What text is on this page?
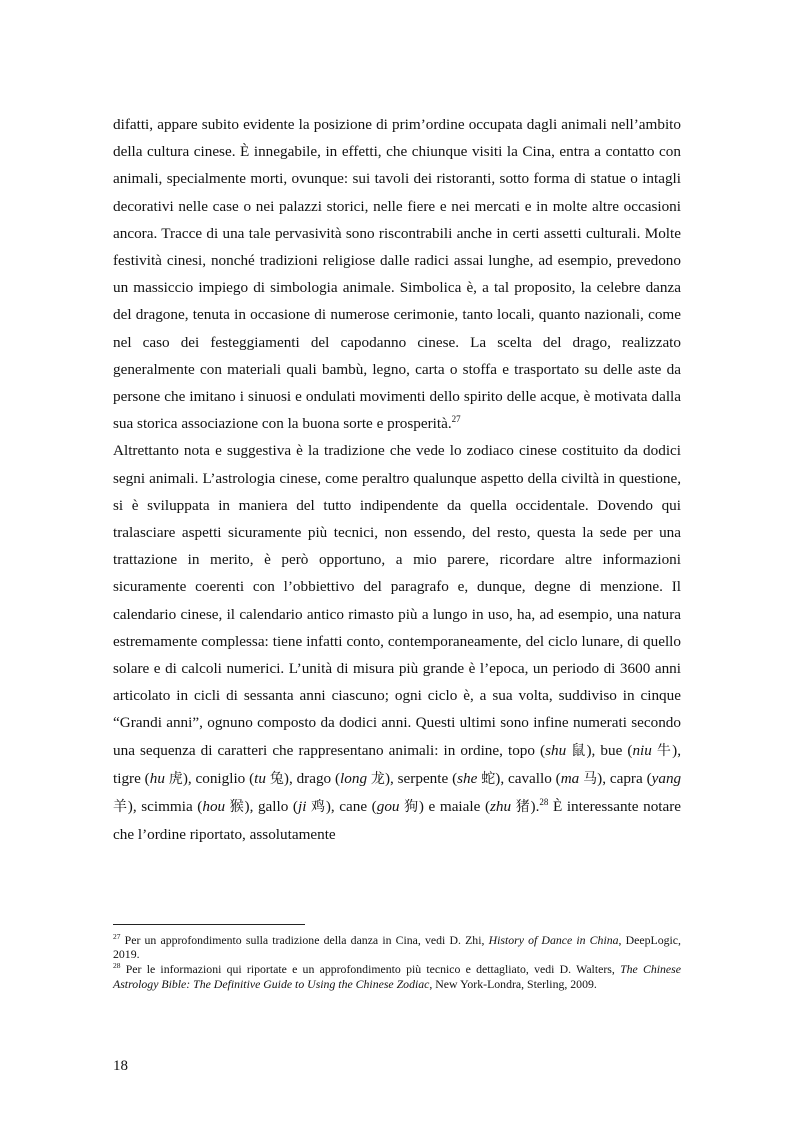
difatti, appare subito evidente la posizione di prim’ordine occupata dagli animali nell’ambito della cultura cinese. È innegabile, in effetti, che chiunque visiti la Cina, entra a contatto con animali, specialmente morti, ovunque: sui tavoli dei ristoranti, sotto forma di statue o intagli decorativi nelle case o nei palazzi storici, nelle fiere e nei mercati e in molte altre occasioni ancora. Tracce di una tale pervasività sono riscontrabili anche in certi assetti culturali. Molte festività cinesi, nonché tradizioni religiose dalle radici assai lunghe, ad esempio, prevedono un massiccio impiego di simbologia animale. Simbolica è, a tal proposito, la celebre danza del dragone, tenuta in occasione di numerose cerimonie, tanto locali, quanto nazionali, come nel caso dei festeggiamenti del capodanno cinese. La scelta del drago, realizzato generalmente con materiali quali bambù, legno, carta o stoffa e trasportato su delle aste da persone che imitano i sinuosi e ondulati movimenti dello spirito delle acque, è motivata dalla sua storica associazione con la buona sorte e prosperità.$^{27}$

Altrettanto nota e suggestiva è la tradizione che vede lo zodiaco cinese costituito da dodici segni animali. L’astrologia cinese, come peraltro qualunque aspetto della civiltà in questione, si è sviluppata in maniera del tutto indipendente da quella occidentale. Dovendo qui tralasciare aspetti sicuramente più tecnici, non essendo, del resto, questa la sede per una trattazione in merito, è però opportuno, a mio parere, ricordare altre informazioni sicuramente coerenti con l’obbiettivo del paragrafo e, dunque, degne di menzione. Il calendario cinese, il calendario antico rimasto più a lungo in uso, ha, ad esempio, una natura estremamente complessa: tiene infatti conto, contemporaneamente, del ciclo lunare, di quello solare e di calcoli numerici. L’unità di misura più grande è l’epoca, un periodo di 3600 anni articolato in cicli di sessanta anni ciascuno; ogni ciclo è, a sua volta, suddiviso in cinque “Grandi anni”, ognuno composto da dodici anni. Questi ultimi sono infine numerati secondo una sequenza di caratteri che rappresentano animali: in ordine, topo (shu 鼠), bue (niu 牛), tigre (hu 虎), coniglio (tu 兔), drago (long 龙), serpente (she 蛇), cavallo (ma 马), capra (yang 羊), scimmia (hou 猴), gallo (ji 鸡), cane (gou 狗) e maiale (zhu 猪).$^{28}$ È interessante notare che l’ordine riportato, assolutamente

$^{27}$ Per un approfondimento sulla tradizione della danza in Cina, vedi D. Zhi, History of Dance in China, DeepLogic, 2019.

$^{28}$ Per le informazioni qui riportate e un approfondimento più tecnico e dettagliato, vedi D. Walters, The Chinese Astrology Bible: The Definitive Guide to Using the Chinese Zodiac, New York-Londra, Sterling, 2009.

18
